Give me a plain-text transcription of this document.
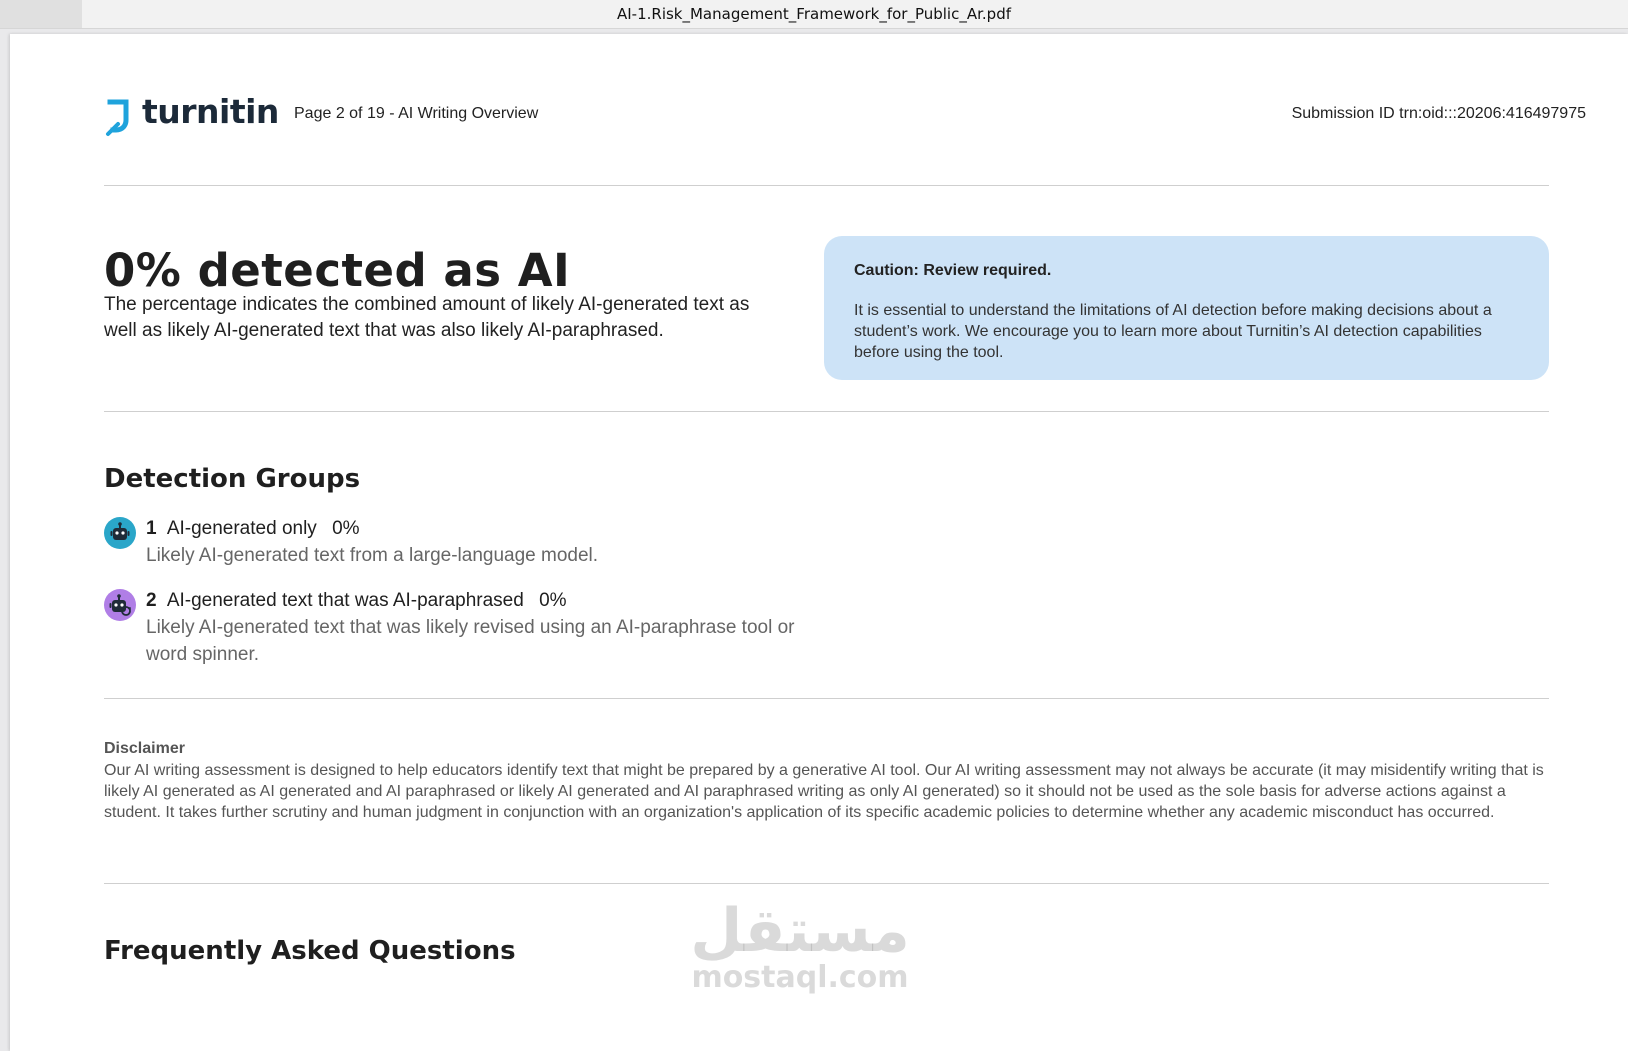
AI-1.Risk_Management_Framework_for_Public_Ar.pdf
turnitin Page 2 of 19 - AI Writing Overview	Submission ID trn:oid:::20206:416497975
0% detected as AI

The percentage indicates the combined amount of likely AI-generated text as well as likely AI-generated text that was also likely AI-paraphrased.

Caution: Review required.
It is essential to understand the limitations of AI detection before making decisions about a student’s work. We encourage you to learn more about Turnitin’s AI detection capabilities before using the tool.
Detection Groups
1 AI-generated only 0%
Likely AI-generated text from a large-language model.
2 AI-generated text that was AI-paraphrased 0%
Likely AI-generated text that was likely revised using an AI-paraphrase tool or word spinner.
Disclaimer
Our AI writing assessment is designed to help educators identify text that might be prepared by a generative AI tool. Our AI writing assessment may not always be accurate (it may misidentify writing that is likely AI generated as AI generated and AI paraphrased or likely AI generated and AI paraphrased writing as only AI generated) so it should not be used as the sole basis for adverse actions against a student. It takes further scrutiny and human judgment in conjunction with an organization's application of its specific academic policies to determine whether any academic misconduct has occurred.
Frequently Asked Questions	مستقل
mostaql.com
